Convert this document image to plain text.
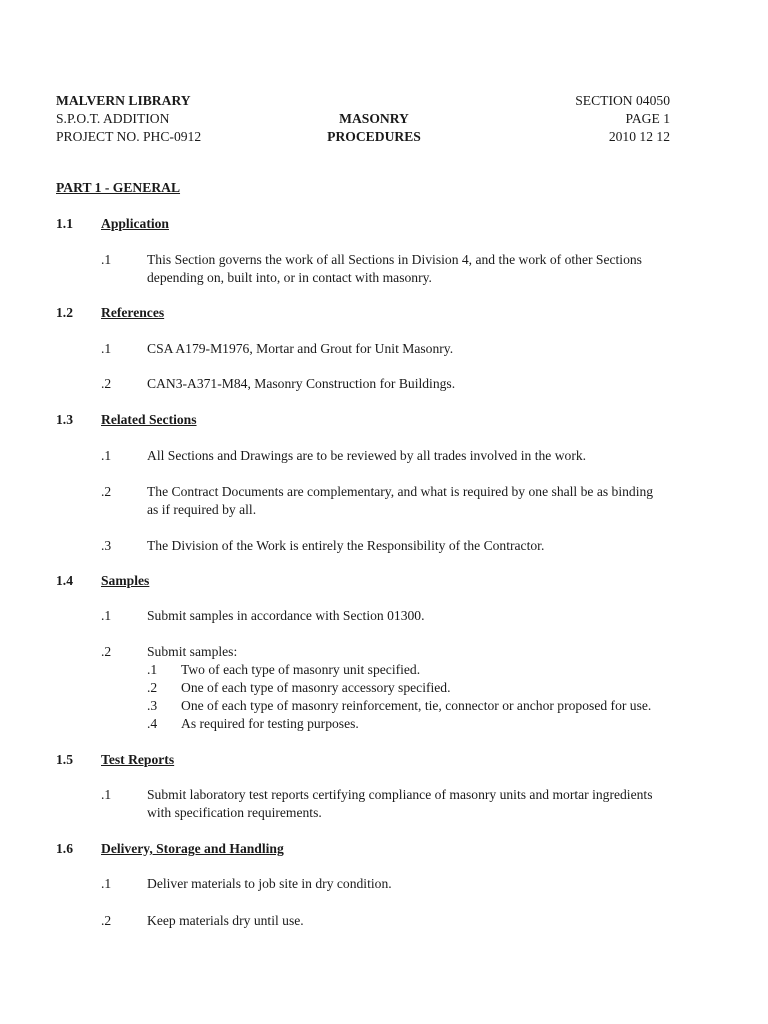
MALVERN LIBRARY
S.P.O.T. ADDITION
PROJECT NO. PHC-0912
MASONRY
PROCEDURES
SECTION 04050
PAGE 1
2010 12 12
PART 1 - GENERAL
1.1 Application
.1	This Section governs the work of all Sections in Division 4, and the work of other Sections
depending on, built into, or in contact with masonry.
1.2 References
.1	CSA A179-M1976, Mortar and Grout for Unit Masonry.
.2	CAN3-A371-M84, Masonry Construction for Buildings.
1.3 Related Sections
.1	All Sections and Drawings are to be reviewed by all trades involved in the work.
.2	The Contract Documents are complementary, and what is required by one shall be as binding
as if required by all.
.3	The Division of the Work is entirely the Responsibility of the Contractor.
1.4 Samples
.1	Submit samples in accordance with Section 01300.
.2	Submit samples:
.1 Two of each type of masonry unit specified.
.2 One of each type of masonry accessory specified.
.3 One of each type of masonry reinforcement, tie, connector or anchor proposed for use.
.4 As required for testing purposes.
1.5 Test Reports
.1	Submit laboratory test reports certifying compliance of masonry units and mortar ingredients
with specification requirements.
1.6 Delivery, Storage and Handling
.1	Deliver materials to job site in dry condition.
.2	Keep materials dry until use.
